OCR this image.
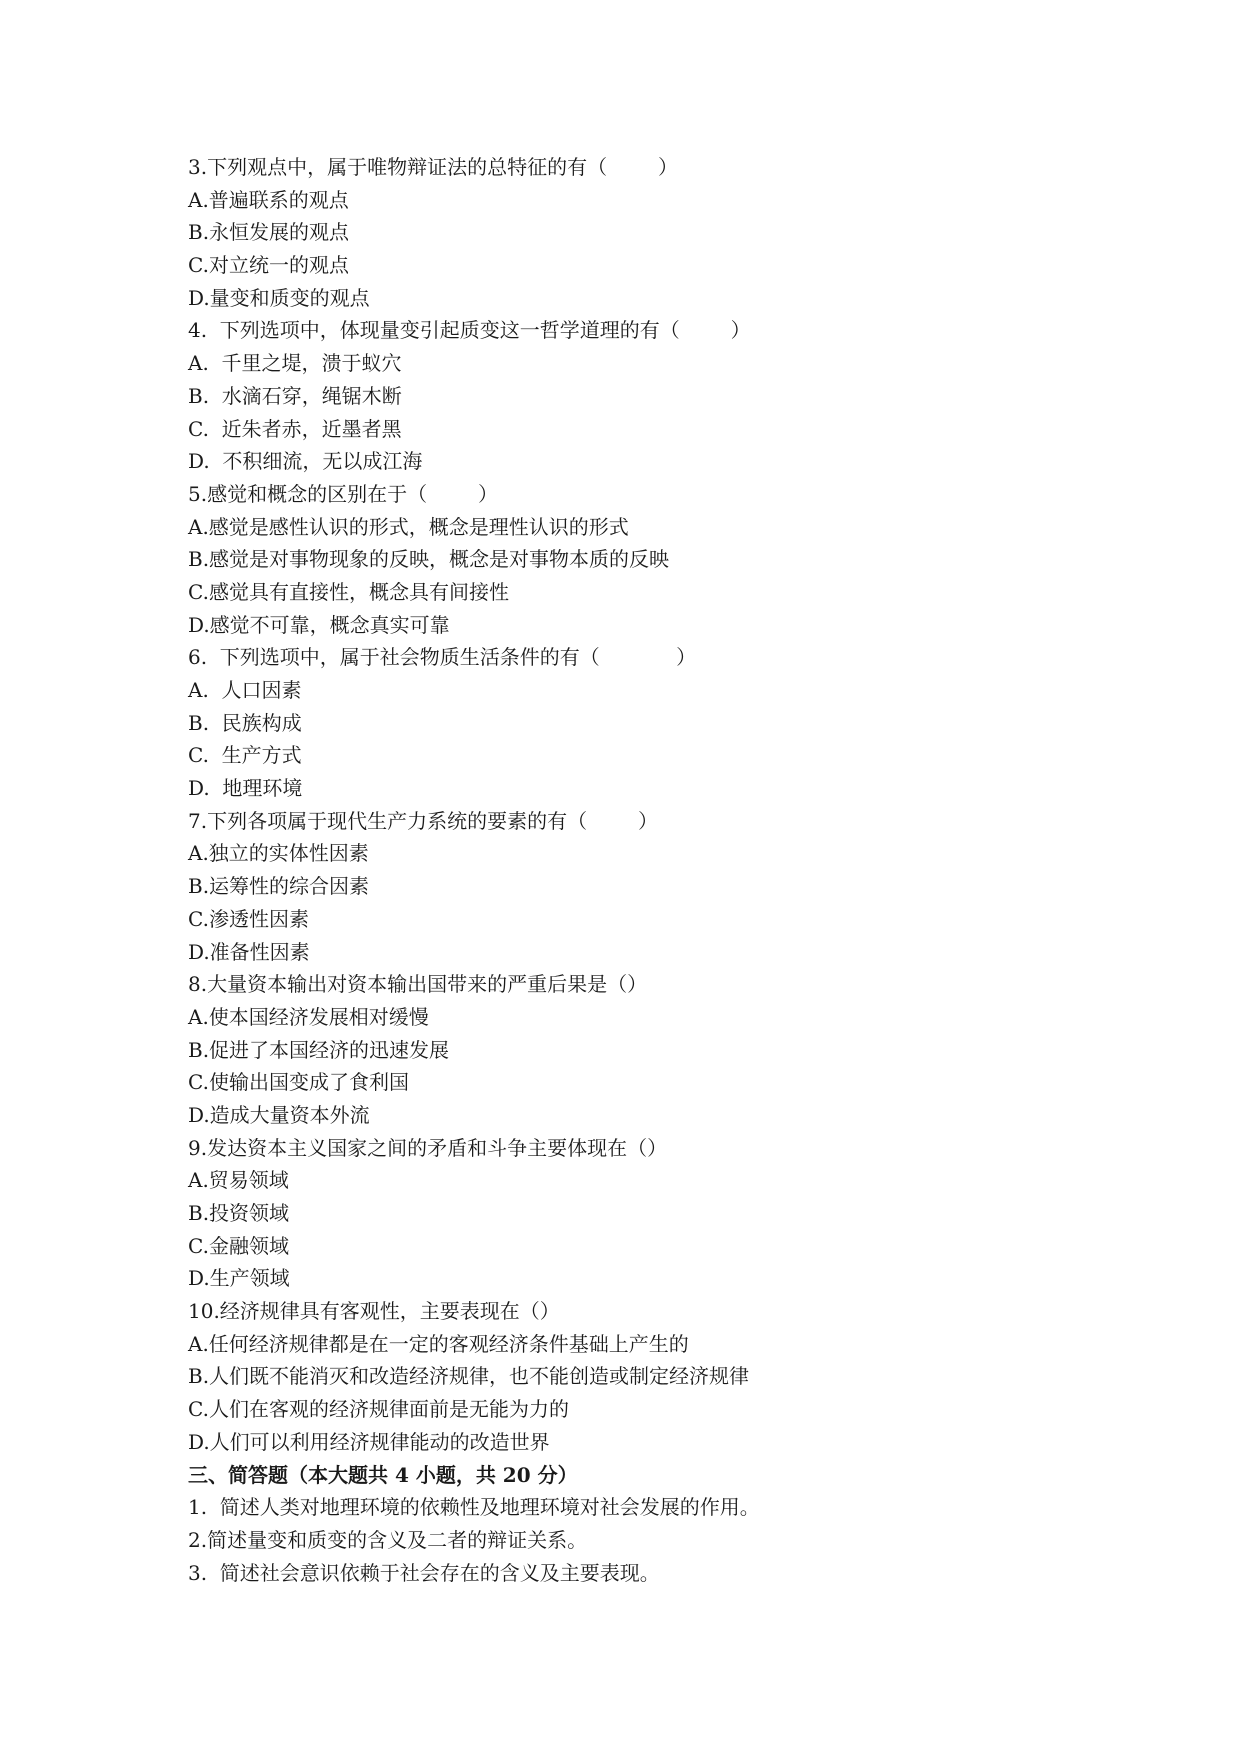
3.下列观点中，属于唯物辩证法的总特征的有（        ）
A.普遍联系的观点
B.永恒发展的观点
C.对立统一的观点
D.量变和质变的观点
4.  下列选项中，体现量变引起质变这一哲学道理的有（        ）
A.  千里之堤，溃于蚁穴
B.  水滴石穿，绳锯木断
C.  近朱者赤，近墨者黑
D.  不积细流，无以成江海
5.感觉和概念的区别在于（        ）
A.感觉是感性认识的形式，概念是理性认识的形式
B.感觉是对事物现象的反映，概念是对事物本质的反映
C.感觉具有直接性，概念具有间接性
D.感觉不可靠，概念真实可靠
6.  下列选项中，属于社会物质生活条件的有（            ）
A.  人口因素
B.  民族构成
C.  生产方式
D.  地理环境
7.下列各项属于现代生产力系统的要素的有（        ）
A.独立的实体性因素
B.运筹性的综合因素
C.渗透性因素
D.准备性因素
8.大量资本输出对资本输出国带来的严重后果是（）
A.使本国经济发展相对缓慢
B.促进了本国经济的迅速发展
C.使输出国变成了食利国
D.造成大量资本外流
9.发达资本主义国家之间的矛盾和斗争主要体现在（）
A.贸易领域
B.投资领域
C.金融领域
D.生产领域
10.经济规律具有客观性，主要表现在（）
A.任何经济规律都是在一定的客观经济条件基础上产生的
B.人们既不能消灭和改造经济规律，也不能创造或制定经济规律
C.人们在客观的经济规律面前是无能为力的
D.人们可以利用经济规律能动的改造世界
三、简答题（本大题共 4 小题，共 20 分）
1.  简述人类对地理环境的依赖性及地理环境对社会发展的作用。
2.简述量变和质变的含义及二者的辩证关系。
3.  简述社会意识依赖于社会存在的含义及主要表现。
